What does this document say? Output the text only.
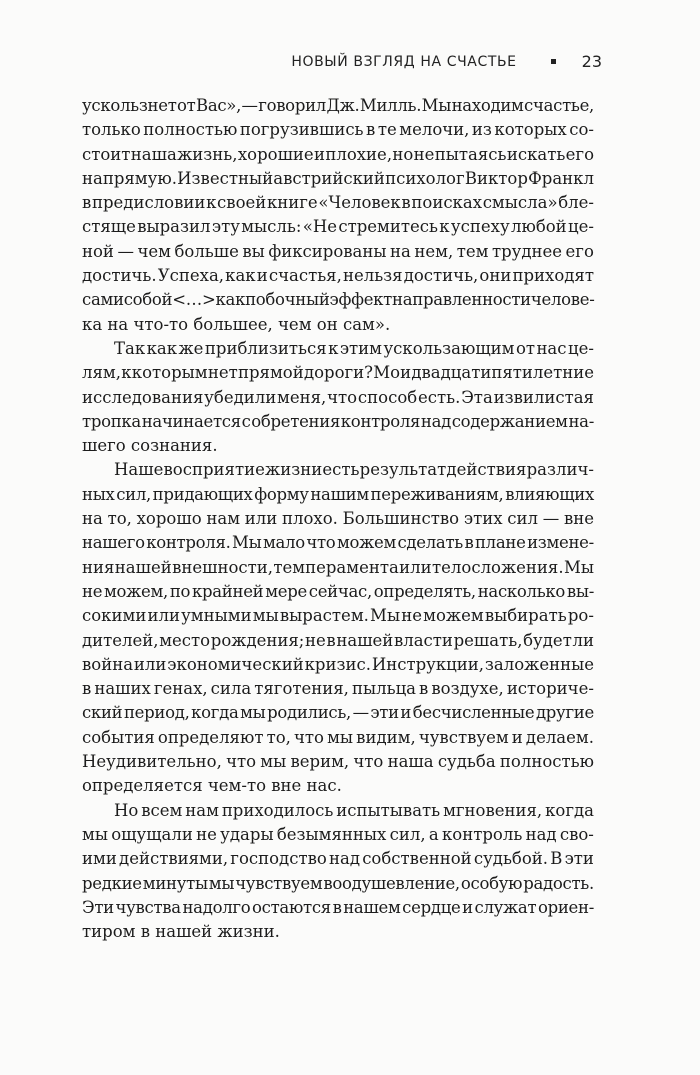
НОВЫЙ ВЗГЛЯД НА СЧАСТЬЕ	23
ускользнет от Вас», — говорил Дж. Милль. Мы находим счастье,
только полностью погрузившись в те мелочи, из которых со-
стоит наша жизнь, хорошие и плохие, но не пытаясь искать его
напрямую. Известный австрийский психолог Виктор Франкл
в предисловии к своей книге «Человек в поисках смысла» бле-
стяще выразил эту мысль: «Не стремитесь к успеху любой це-
ной — чем больше вы фиксированы на нем, тем труднее его
достичь. Успеха, как и счастья, нельзя достичь, они приходят
сами собой <…> как побочный эффект направленности челове-
ка на что-то большее, чем он сам».
Так как же приблизиться к этим ускользающим от нас це-
лям, к которым нет прямой дороги? Мои двадцатипятилетние
исследования убедили меня, что способ есть. Эта извилистая
тропка начинается с обретения контроля над содержанием на-
шего сознания.
Наше восприятие жизни есть результат действия различ-
ных сил, придающих форму нашим переживаниям, влияющих
на то, хорошо нам или плохо. Большинство этих сил — вне
нашего контроля. Мы мало что можем сделать в плане измене-
ния нашей внешности, темперамента или телосложения. Мы
не можем, по крайней мере сейчас, определять, насколько вы-
сокими или умными мы вырастем. Мы не можем выбирать ро-
дителей, место рождения; не в нашей власти решать, будет ли
война или экономический кризис. Инструкции, заложенные
в наших генах, сила тяготения, пыльца в воздухе, историче-
ский период, когда мы родились, — эти и бесчисленные другие
события определяют то, что мы видим, чувствуем и делаем.
Неудивительно, что мы верим, что наша судьба полностью
определяется чем-то вне нас.
Но всем нам приходилось испытывать мгновения, когда
мы ощущали не удары безымянных сил, а контроль над сво-
ими действиями, господство над собственной судьбой. В эти
редкие минуты мы чувствуем воодушевление, особую радость.
Эти чувства надолго остаются в нашем сердце и служат ориен-
тиром в нашей жизни.
